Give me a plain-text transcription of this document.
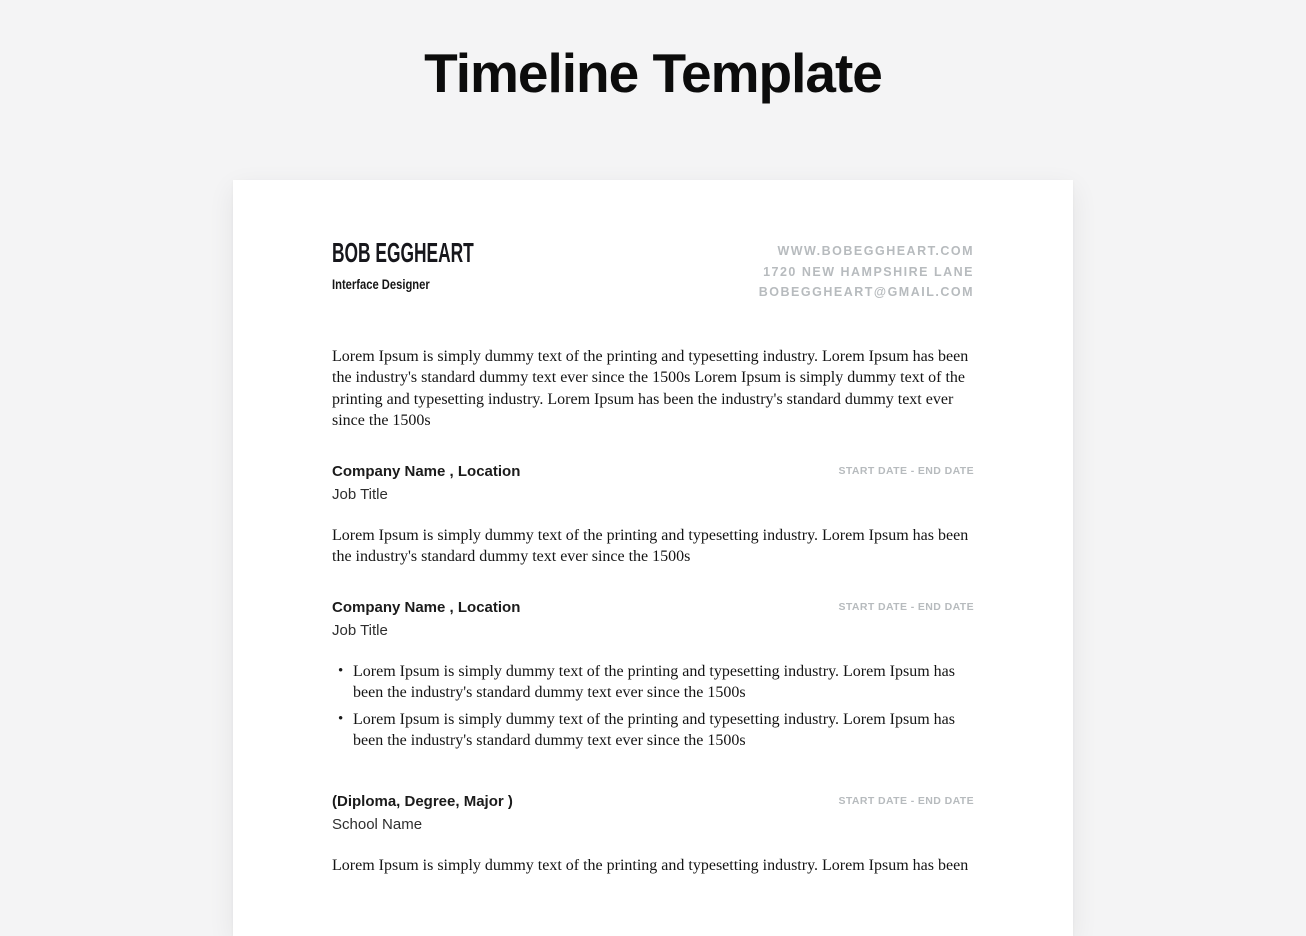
Timeline Template
BOB EGGHEART
Interface Designer
WWW.BOBEGGHEART.COM
1720 NEW HAMPSHIRE LANE
BOBEGGHEART@GMAIL.COM

Lorem Ipsum is simply dummy text of the printing and typesetting industry. Lorem Ipsum has been the industry's standard dummy text ever since the 1500s Lorem Ipsum is simply dummy text of the printing and typesetting industry. Lorem Ipsum has been the industry's standard dummy text ever since the 1500s

Company Name , Location
Job Title
START DATE - END DATE

Lorem Ipsum is simply dummy text of the printing and typesetting industry. Lorem Ipsum has been the industry's standard dummy text ever since the 1500s

Company Name , Location
Job Title
START DATE - END DATE
• Lorem Ipsum is simply dummy text of the printing and typesetting industry. Lorem Ipsum has been the industry's standard dummy text ever since the 1500s
• Lorem Ipsum is simply dummy text of the printing and typesetting industry. Lorem Ipsum has been the industry's standard dummy text ever since the 1500s
(Diploma, Degree, Major )
School Name
START DATE - END DATE

Lorem Ipsum is simply dummy text of the printing and typesetting industry. Lorem Ipsum has been
